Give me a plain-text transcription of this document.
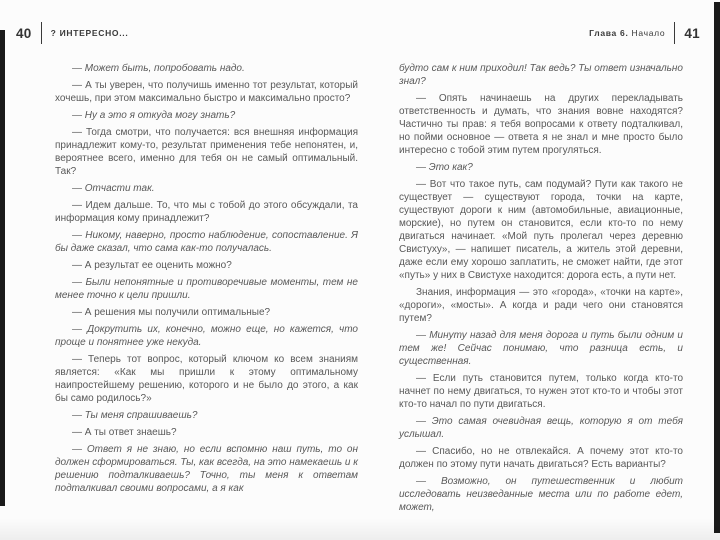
40 ? ИНТЕРЕСНО...

— Может быть, попробовать надо.

— А ты уверен, что получишь именно тот результат, который хочешь, при этом максимально быстро и максимально просто?

— Ну а это я откуда могу знать?

— Тогда смотри, что получается: вся внешняя информация принадлежит кому-то, результат применения тебе непонятен, и, вероятнее всего, именно для тебя он не самый оптимальный. Так?

— Отчасти так.

— Идем дальше. То, что мы с тобой до этого обсуждали, та информация кому принадлежит?

— Никому, наверно, просто наблюдение, сопоставление. Я бы даже сказал, что сама как-то получалась.

— А результат ее оценить можно?

— Были непонятные и противоречивые моменты, тем не менее точно к цели пришли.

— А решения мы получили оптимальные?

— Докрутить их, конечно, можно еще, но кажется, что проще и понятнее уже некуда.

— Теперь тот вопрос, который ключом ко всем знаниям является: «Как мы пришли к этому оптимальному наипростейшему решению, которого и не было до этого, а как бы само родилось?»

— Ты меня спрашиваешь?

— А ты ответ знаешь?

— Ответ я не знаю, но если вспомню наш путь, то он должен сформироваться. Ты, как всегда, на это намекаешь и к решению подталкиваешь? Точно, ты меня к ответам подталкивал своими вопросами, а я как

Глава 6. Начало 41

будто сам к ним приходил! Так ведь? Ты ответ изначально знал?

— Опять начинаешь на других перекладывать ответственность и думать, что знания вовне находятся? Частично ты прав: я тебя вопросами к ответу подталкивал, но пойми основное — ответа я не знал и мне просто было интересно с тобой этим путем прогуляться.

— Это как?

— Вот что такое путь, сам подумай? Пути как такого не существует — существуют города, точки на карте, существуют дороги к ним (автомобильные, авиационные, морские), но путем он становится, если кто-то по нему двигаться начинает. «Мой путь пролегал через деревню Свистуху», — напишет писатель, а житель этой деревни, даже если ему хорошо заплатить, не сможет найти, где этот «путь» у них в Свистухе находится: дорога есть, а пути нет.

Знания, информация — это «города», «точки на карте», «дороги», «мосты». А когда и ради чего они становятся путем?

— Минуту назад для меня дорога и путь были одним и тем же! Сейчас понимаю, что разница есть, и существенная.

— Если путь становится путем, только когда кто-то начнет по нему двигаться, то нужен этот кто-то и чтобы этот кто-то начал по пути двигаться.

— Это самая очевидная вещь, которую я от тебя услышал.

— Спасибо, но не отвлекайся. А почему этот кто-то должен по этому пути начать двигаться? Есть варианты?

— Возможно, он путешественник и любит исследовать неизведанные места или по работе едет, может,
